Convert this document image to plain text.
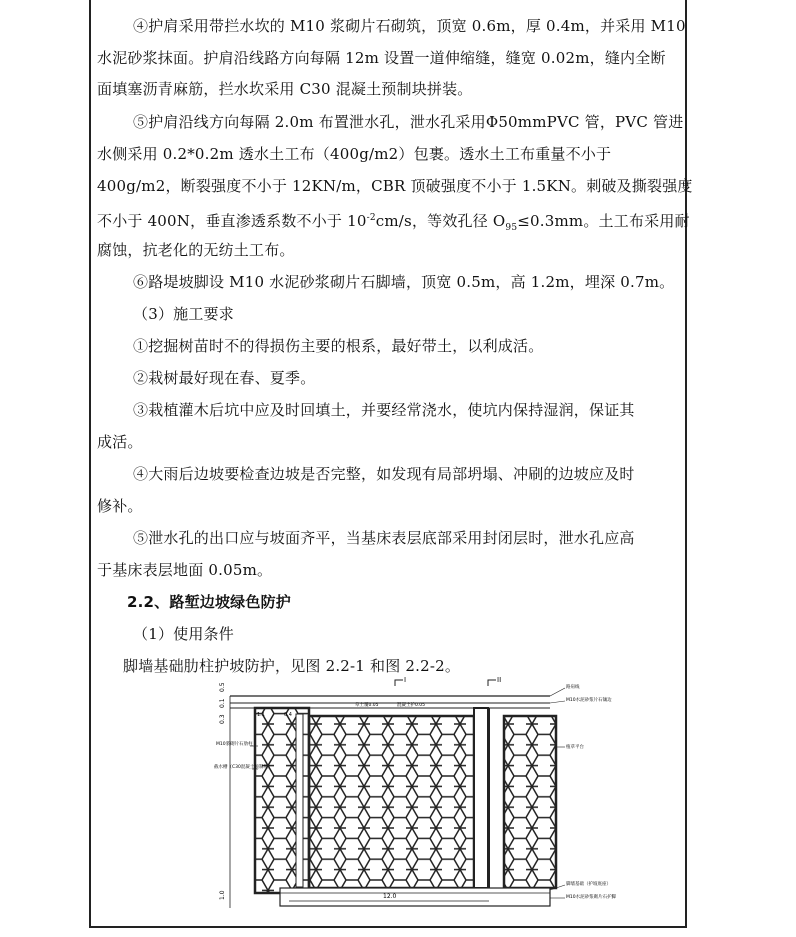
④护肩采用带拦水坎的 M10 浆砌片石砌筑，顶宽 0.6m，厚 0.4m，并采用 M10
水泥砂浆抹面。护肩沿线路方向每隔 12m 设置一道伸缩缝，缝宽 0.02m，缝内全断
面填塞沥青麻筋，拦水坎采用 C30 混凝土预制块拼装。
⑤护肩沿线方向每隔 2.0m 布置泄水孔，泄水孔采用Φ50mmPVC 管，PVC 管进
水侧采用 0.2*0.2m 透水土工布（400g/m2）包裹。透水土工布重量不小于
400g/m2，断裂强度不小于 12KN/m，CBR 顶破强度不小于 1.5KN。刺破及撕裂强度
不小于 400N，垂直渗透系数不小于 $10^{-2}cm/s$，等效孔径 $O_{95}\le 0.3mm$。土工布采用耐
腐蚀，抗老化的无纺土工布。
⑥路堤坡脚设 M10 水泥砂浆砌片石脚墙，顶宽 0.5m，高 1.2m，埋深 0.7m。
（3）施工要求
①挖掘树苗时不的得损伤主要的根系，最好带土，以利成活。
②栽树最好现在春、夏季。
③栽植灌木后坑中应及时回填土，并要经常浇水，使坑内保持湿润，保证其
成活。
④大雨后边坡要检查边坡是否完整，如发现有局部坍塌、冲刷的边坡应及时
修补。
⑤泄水孔的出口应与坡面齐平，当基床表层底部采用封闭层时，泄水孔应高
于基床表层地面 0.05m。
2.2、路堑边坡绿色防护
（1）使用条件
脚墙基础肋柱护坡防护，见图 2.2-1 和图 2.2-2。
I	II
12.0
0.5
0.1
0.3
1.0
1.1	0.4
草土覆0.05	混凝土护0.05
M10浆砌片石肋柱
截水槽（C30混凝土预制块）
路肩线
M10水泥砂浆片石镶边
植草平台
脚墙基础（护坡底座）
M10水泥砂浆砌片石护脚
